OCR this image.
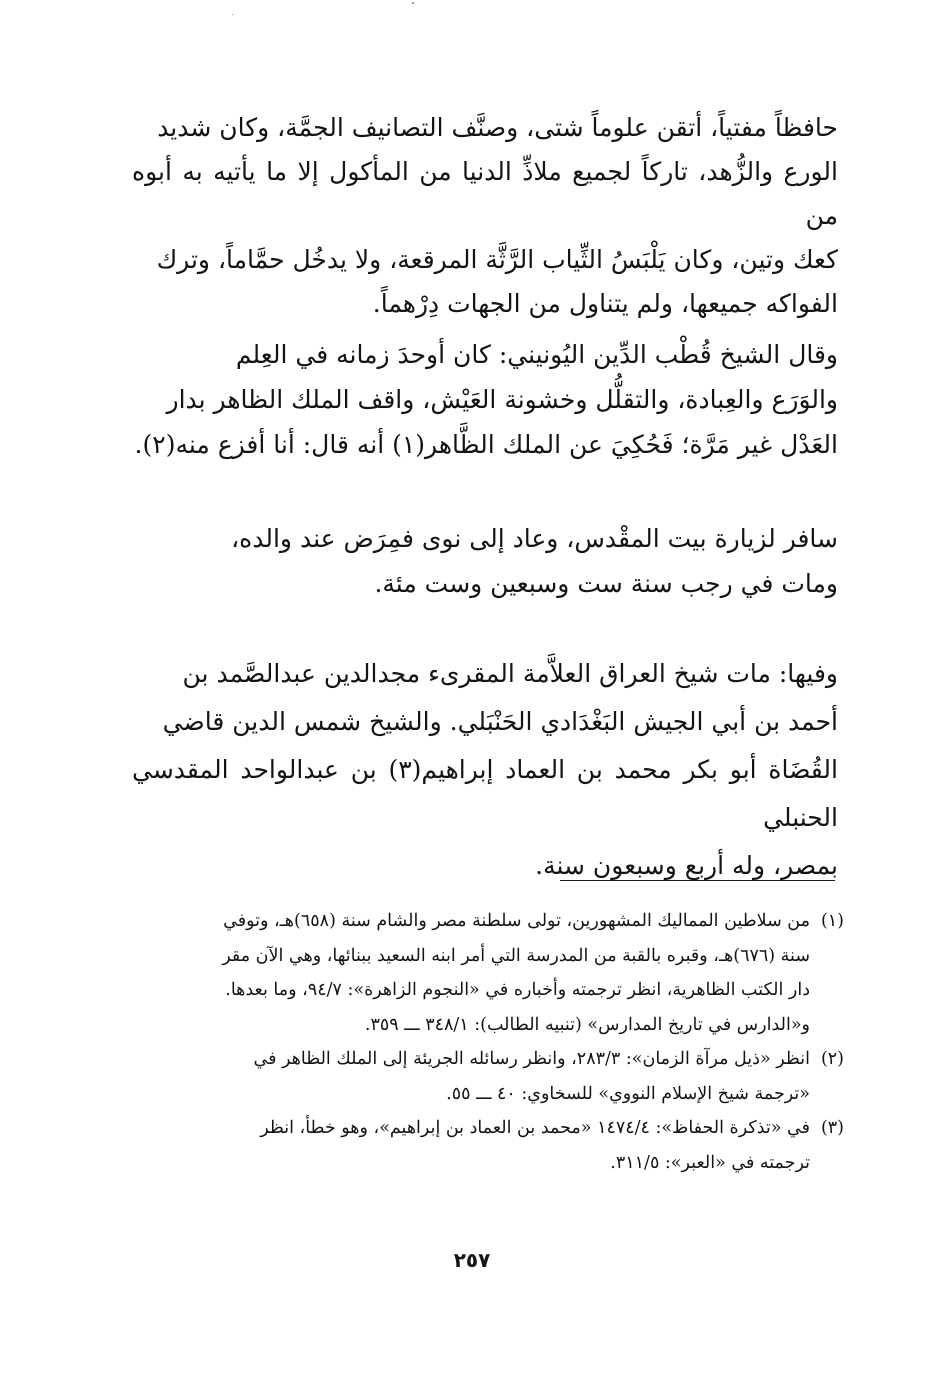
حافظاً مفتياً، أتقن علوماً شتى، وصنَّف التصانيف الجمَّة، وكان شديد

الورع والزُّهد، تاركاً لجميع ملاذِّ الدنيا من المأكول إلا ما يأتيه به أبوه من

كعك وتين، وكان يَلْبَسُ الثِّياب الرَّثَّة المرقعة، ولا يدخُل حمَّاماً، وترك

الفواكه جميعها، ولم يتناول من الجهات دِرْهماً.

وقال الشيخ قُطْب الدِّين اليُونيني: كان أوحدَ زمانه في العِلم

والوَرَع والعِبادة، والتقلُّل وخشونة العَيْش، واقف الملك الظاهر بدار

العَدْل غير مَرَّة؛ فَحُكِيَ عن الملك الظَّاهر(١) أنه قال: أنا أفزع منه(٢).

سافر لزيارة بيت المقْدس، وعاد إلى نوى فمِرَض عند والده،

ومات في رجب سنة ست وسبعين وست مئة.

وفيها: مات شيخ العراق العلاَّمة المقرىء مجدالدين عبدالصَّمد بن

أحمد بن أبي الجيش البَغْدَادي الحَنْبَلي. والشيخ شمس الدين قاضي

القُضَاة أبو بكر محمد بن العماد إبراهيم(٣) بن عبدالواحد المقدسي الحنبلي

بمصر، وله أربع وسبعون سنة.

(١)
من سلاطين المماليك المشهورين، تولى سلطنة مصر والشام سنة (٦٥٨)هـ، وتوفي
سنة (٦٧٦)هـ، وقبره بالقبة من المدرسة التي أمر ابنه السعيد ببنائها، وهي الآن مقر
دار الكتب الظاهرية، انظر ترجمته وأخباره في «النجوم الزاهرة»: ٩٤/٧، وما بعدها.
و«الدارس في تاريخ المدارس» (تنبيه الطالب): ٣٤٨/١ ـــ ٣٥٩.
(٢)
انظر «ذيل مرآة الزمان»: ٢٨٣/٣، وانظر رسائله الجريئة إلى الملك الظاهر في
«ترجمة شيخ الإسلام النووي» للسخاوي: ٤٠ ـــ ٥٥.
(٣)
في «تذكرة الحفاظ»: ١٤٧٤/٤ «محمد بن العماد بن إبراهيم»، وهو خطأ، انظر
ترجمته في «العبر»: ٣١١/٥.
٢٥٧
